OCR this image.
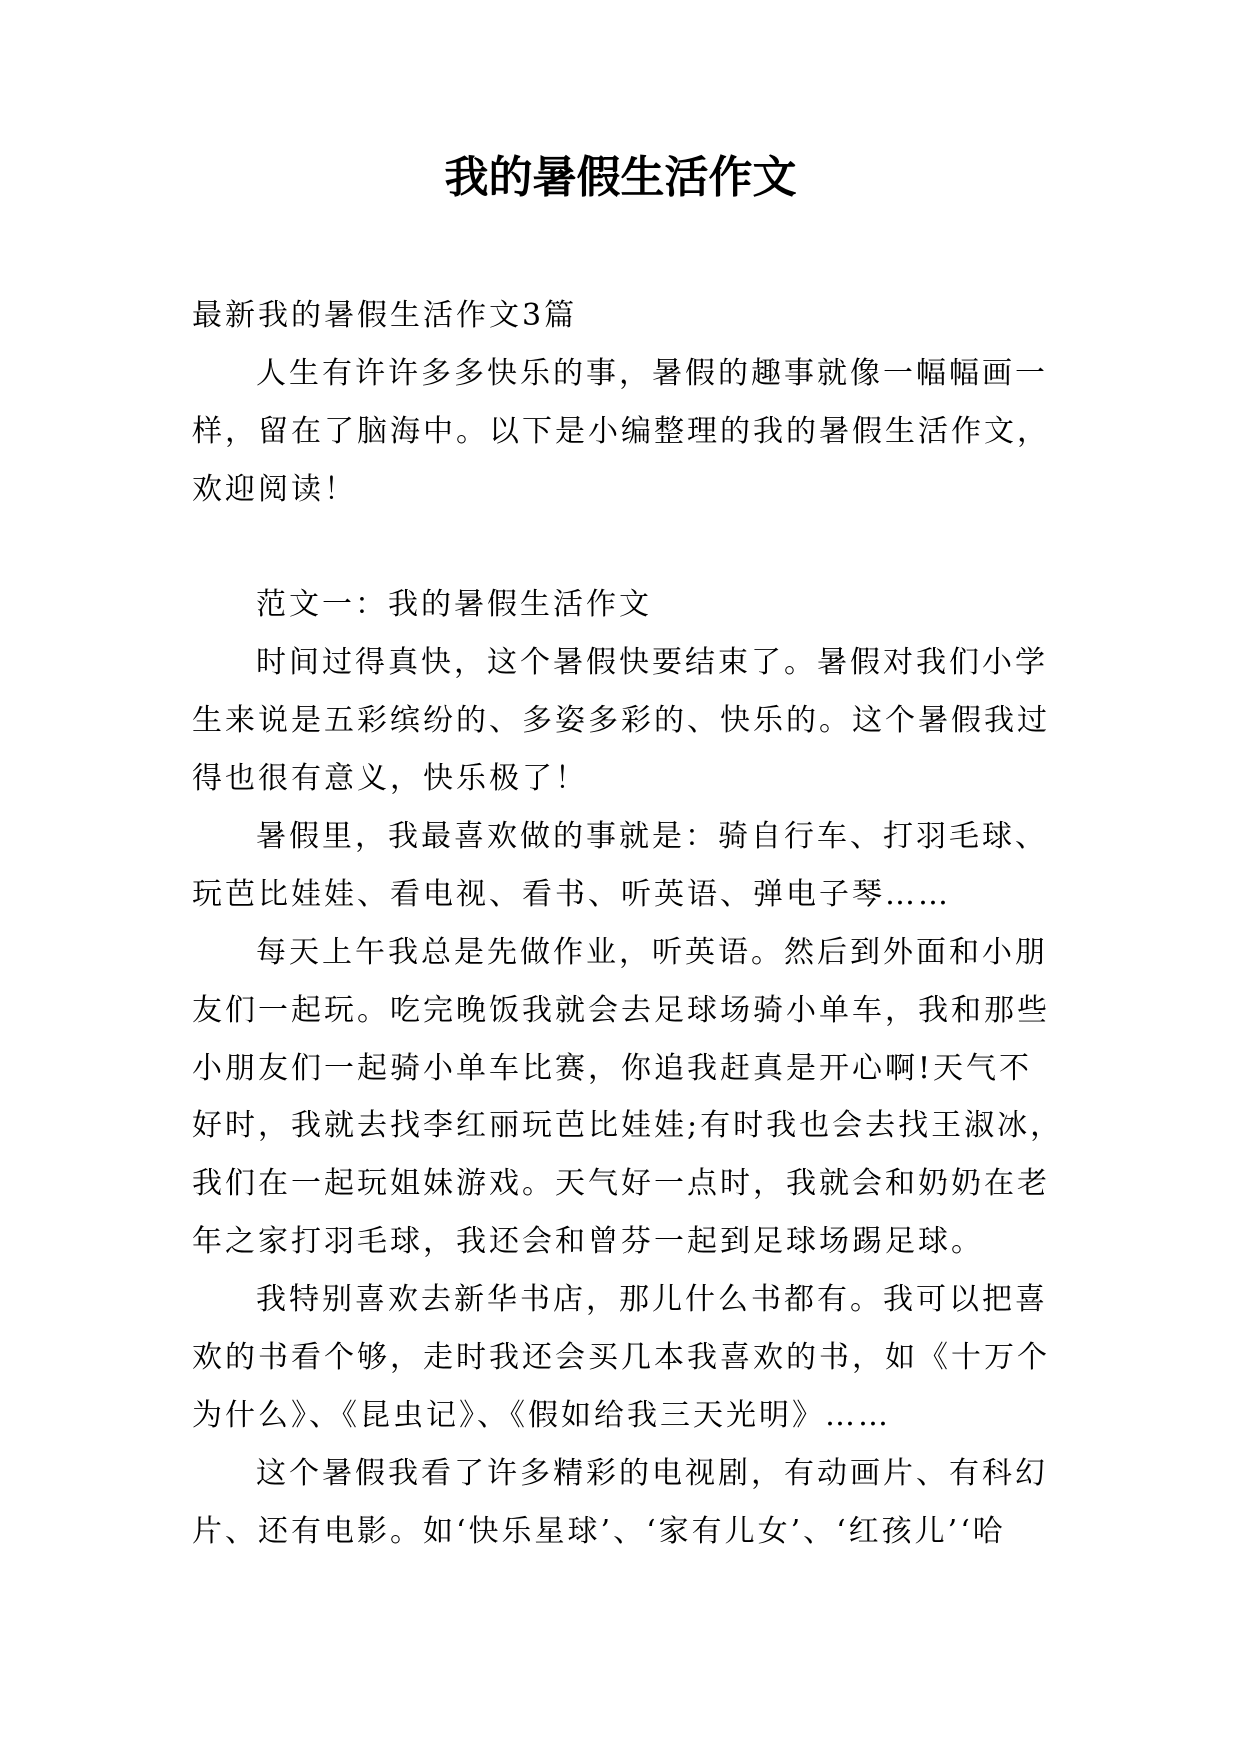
我的暑假生活作文
最新我的暑假生活作文3篇
人生有许许多多快乐的事，暑假的趣事就像一幅幅画一
样，留在了脑海中。以下是小编整理的我的暑假生活作文，
欢迎阅读！
范文一：我的暑假生活作文
时间过得真快，这个暑假快要结束了。暑假对我们小学
生来说是五彩缤纷的、多姿多彩的、快乐的。这个暑假我过
得也很有意义，快乐极了！
暑假里，我最喜欢做的事就是：骑自行车、打羽毛球、
玩芭比娃娃、看电视、看书、听英语、弹电子琴……
每天上午我总是先做作业，听英语。然后到外面和小朋
友们一起玩。吃完晚饭我就会去足球场骑小单车，我和那些
小朋友们一起骑小单车比赛，你追我赶真是开心啊!天气不
好时，我就去找李红丽玩芭比娃娃;有时我也会去找王淑冰，
我们在一起玩姐妹游戏。天气好一点时，我就会和奶奶在老
年之家打羽毛球，我还会和曾芬一起到足球场踢足球。
我特别喜欢去新华书店，那儿什么书都有。我可以把喜
欢的书看个够，走时我还会买几本我喜欢的书，如《十万个
为什么》、《昆虫记》、《假如给我三天光明》……
这个暑假我看了许多精彩的电视剧，有动画片、有科幻
片、还有电影。如‘快乐星球’、‘家有儿女’、‘红孩儿’‘哈
